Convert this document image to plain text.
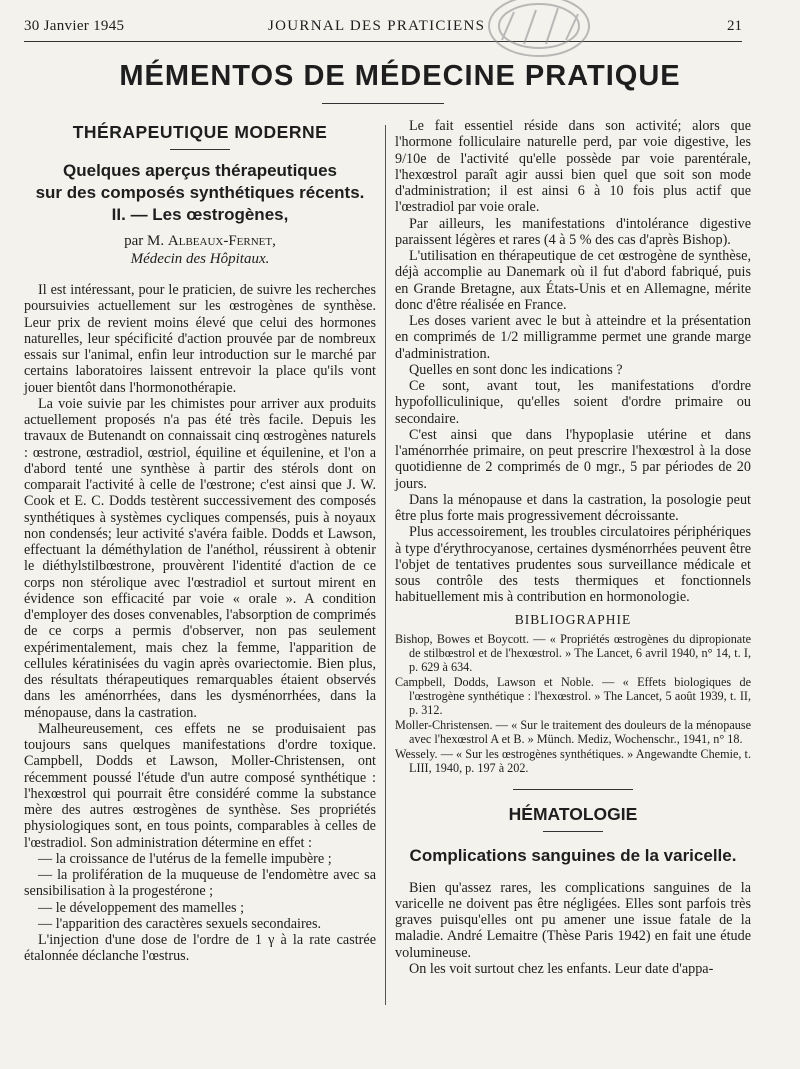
30 Janvier 1945	JOURNAL DES PRATICIENS	21
MÉMENTOS DE MÉDECINE PRATIQUE
THÉRAPEUTIQUE MODERNE
Quelques aperçus thérapeutiques
sur des composés synthétiques récents.
II. — Les œstrogènes,
par M. Albeaux-Fernet,
Médecin des Hôpitaux.

Il est intéressant, pour le praticien, de suivre les recherches poursuivies actuellement sur les œstrogènes de synthèse. Leur prix de revient moins élevé que celui des hormones naturelles, leur spécificité d'action prouvée par de nombreux essais sur l'animal, enfin leur introduction sur le marché par certains laboratoires laissent entrevoir la place qu'ils vont jouer bientôt dans l'hormonothérapie.

La voie suivie par les chimistes pour arriver aux produits actuellement proposés n'a pas été très facile. Depuis les travaux de Butenandt on connaissait cinq œstrogènes naturels : œstrone, œstradiol, œstriol, équiline et équilenine, et l'on a d'abord tenté une synthèse à partir des stérols dont on comparait l'activité à celle de l'œstrone; c'est ainsi que J. W. Cook et E. C. Dodds testèrent successivement des composés synthétiques à systèmes cycliques compensés, puis à noyaux non condensés; leur activité s'avéra faible. Dodds et Lawson, effectuant la déméthylation de l'anéthol, réussirent à obtenir le diéthylstilbœstrone, prouvèrent l'identité d'action de ce corps non stérolique avec l'œstradiol et surtout mirent en évidence son efficacité par voie « orale ». A condition d'employer des doses convenables, l'absorption de comprimés de ce corps a permis d'observer, non pas seulement expérimentalement, mais chez la femme, l'apparition de cellules kératinisées du vagin après ovariectomie. Bien plus, des résultats thérapeutiques remarquables étaient observés dans les aménorrhées, dans les dysménorrhées, dans la ménopause, dans la castration.

Malheureusement, ces effets ne se produisaient pas toujours sans quelques manifestations d'ordre toxique. Campbell, Dodds et Lawson, Moller-Christensen, ont récemment poussé l'étude d'un autre composé synthétique : l'hexœstrol qui pourrait être considéré comme la substance mère des autres œstrogènes de synthèse. Ses propriétés physiologiques sont, en tous points, comparables à celles de l'œstradiol. Son administration détermine en effet :

— la croissance de l'utérus de la femelle impubère ;

— la prolifération de la muqueuse de l'endomètre avec sa sensibilisation à la progestérone ;

— le développement des mamelles ;

— l'apparition des caractères sexuels secondaires.

L'injection d'une dose de l'ordre de 1 γ à la rate castrée étalonnée déclanche l'œstrus.

Le fait essentiel réside dans son activité; alors que l'hormone folliculaire naturelle perd, par voie digestive, les 9/10e de l'activité qu'elle possède par voie parentérale, l'hexœstrol paraît agir aussi bien quel que soit son mode d'administration; il est ainsi 6 à 10 fois plus actif que l'œstradiol par voie orale.

Par ailleurs, les manifestations d'intolérance digestive paraissent légères et rares (4 à 5 % des cas d'après Bishop).

L'utilisation en thérapeutique de cet œstrogène de synthèse, déjà accomplie au Danemark où il fut d'abord fabriqué, puis en Grande Bretagne, aux États-Unis et en Allemagne, mérite donc d'être réalisée en France.

Les doses varient avec le but à atteindre et la présentation en comprimés de 1/2 milligramme permet une grande marge d'administration.

Quelles en sont donc les indications ?

Ce sont, avant tout, les manifestations d'ordre hypofolliculinique, qu'elles soient d'ordre primaire ou secondaire.

C'est ainsi que dans l'hypoplasie utérine et dans l'aménorrhée primaire, on peut prescrire l'hexœstrol à la dose quotidienne de 2 comprimés de 0 mgr., 5 par périodes de 20 jours.

Dans la ménopause et dans la castration, la posologie peut être plus forte mais progressivement décroissante.

Plus accessoirement, les troubles circulatoires périphériques à type d'érythrocyanose, certaines dysménorrhées peuvent être l'objet de tentatives prudentes sous surveillance médicale et sous contrôle des tests thermiques et fonctionnels habituellement mis à contribution en hormonologie.

BIBLIOGRAPHIE

Bishop, Bowes et Boycott. — « Propriétés œstrogènes du dipropionate de stilbœstrol et de l'hexœstrol. » The Lancet, 6 avril 1940, n° 14, t. I, p. 629 à 634.

Campbell, Dodds, Lawson et Noble. — « Effets biologiques de l'œstrogène synthétique : l'hexœstrol. » The Lancet, 5 août 1939, t. II, p. 312.

Moller-Christensen. — « Sur le traitement des douleurs de la ménopause avec l'hexœstrol A et B. » Münch. Mediz, Wochenschr., 1941, n° 18.

Wessely. — « Sur les œstrogènes synthétiques. » Angewandte Chemie, t. LIII, 1940, p. 197 à 202.

HÉMATOLOGIE
Complications sanguines de la varicelle.

Bien qu'assez rares, les complications sanguines de la varicelle ne doivent pas être négligées. Elles sont parfois très graves puisqu'elles ont pu amener une issue fatale de la maladie. André Lemaitre (Thèse Paris 1942) en fait une étude volumineuse.

On les voit surtout chez les enfants. Leur date d'appa-
